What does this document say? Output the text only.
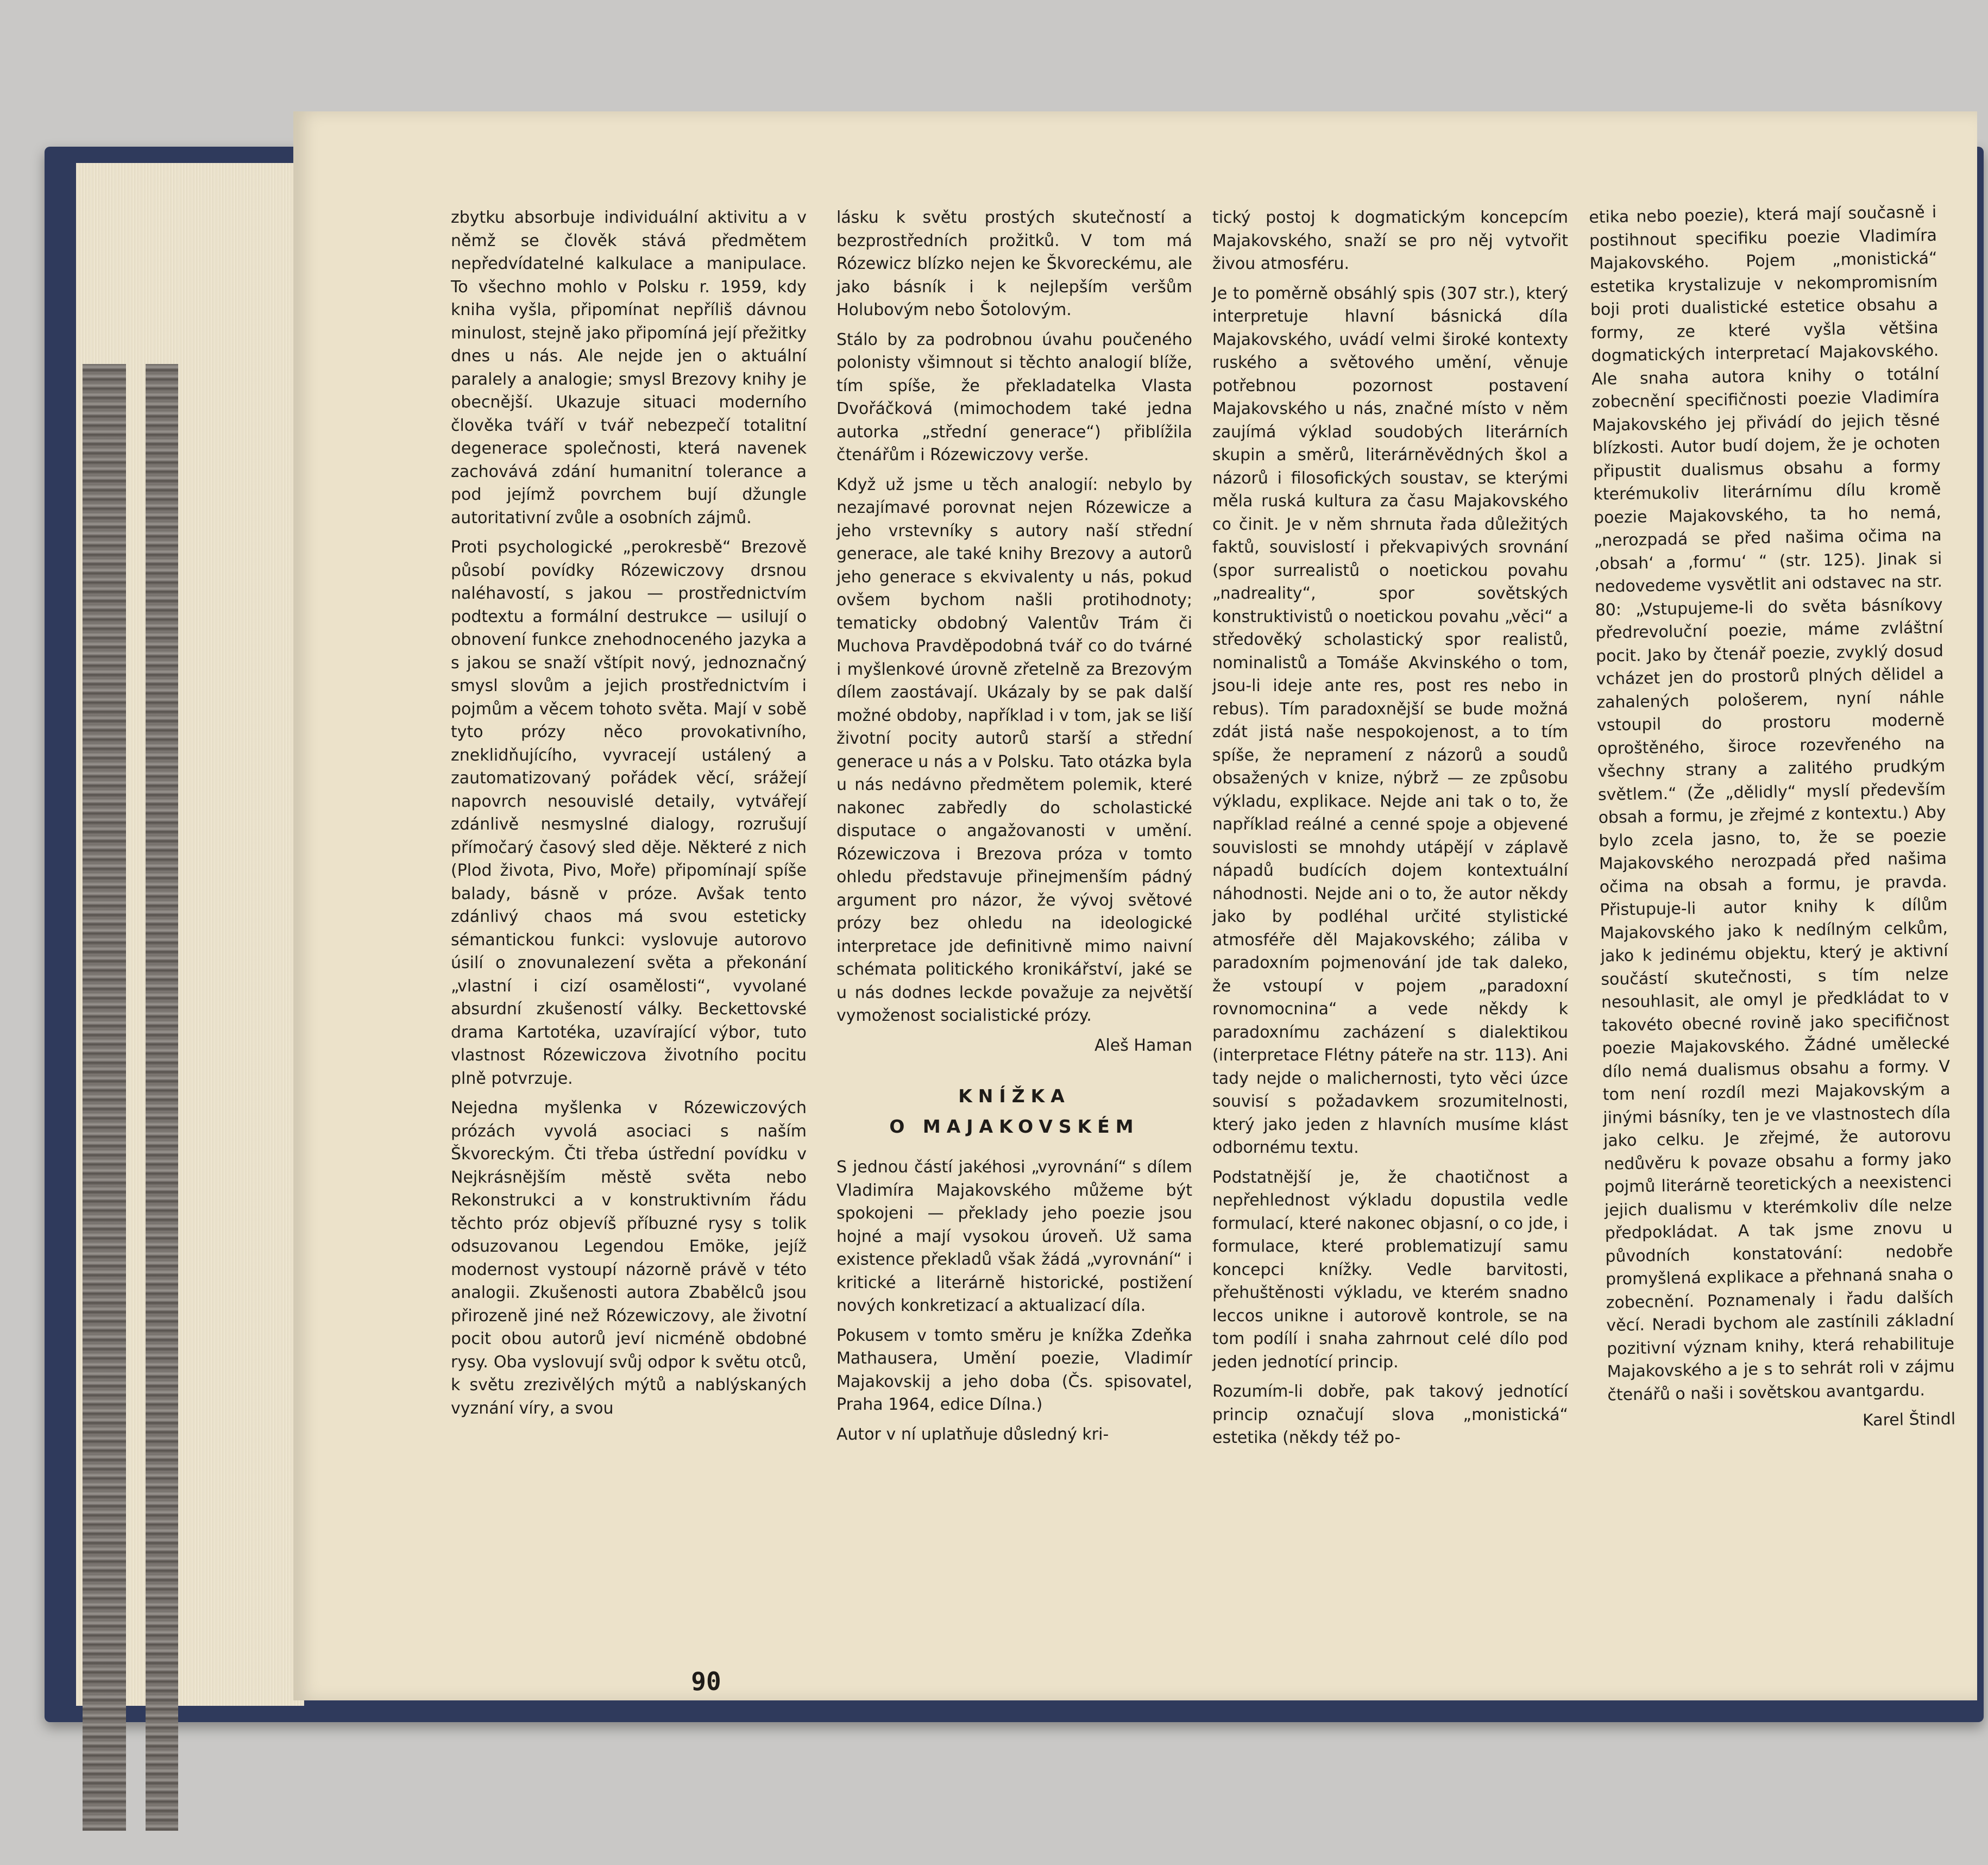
zbytku absorbuje individuální aktivitu a v němž se člověk stává předmětem nepředvídatelné kalkulace a manipulace. To všechno mohlo v Polsku r. 1959, kdy kniha vyšla, připomínat nepříliš dávnou minulost, stejně jako připomíná její přežitky dnes u nás. Ale nejde jen o aktuální paralely a analogie; smysl Brezovy knihy je obecnější. Ukazuje situaci moderního člověka tváří v tvář nebezpečí totalitní degenerace společnosti, která navenek zachovává zdání humanitní tolerance a pod jejímž povrchem bují džungle autoritativní zvůle a osobních zájmů.

Proti psychologické „perokresbě“ Brezově působí povídky Rózewiczovy drsnou naléhavostí, s jakou — prostřednictvím podtextu a formální destrukce — usilují o obnovení funkce znehodnoceného jazyka a s jakou se snaží vštípit nový, jednoznačný smysl slovům a jejich prostřednictvím i pojmům a věcem tohoto světa. Mají v sobě tyto prózy něco provokativního, zneklidňujícího, vyvracejí ustálený a zautomatizovaný pořádek věcí, srážejí napovrch nesouvislé detaily, vytvářejí zdánlivě nesmyslné dialogy, rozrušují přímočarý časový sled děje. Některé z nich (Plod života, Pivo, Moře) připomínají spíše balady, básně v próze. Avšak tento zdánlivý chaos má svou esteticky sémantickou funkci: vyslovuje autorovo úsilí o znovunalezení světa a překonání „vlastní i cizí osamělosti“, vyvolané absurdní zkušeností války. Beckettovské drama Kartotéka, uzavírající výbor, tuto vlastnost Rózewiczova životního pocitu plně potvrzuje.

Nejedna myšlenka v Rózewiczových prózách vyvolá asociaci s naším Škvoreckým. Čti třeba ústřední povídku v Nejkrásnějším městě světa nebo Rekonstrukci a v konstruktivním řádu těchto próz objevíš příbuzné rysy s tolik odsuzovanou Legendou Emöke, jejíž modernost vystoupí názorně právě v této analogii. Zkušenosti autora Zbabělců jsou přirozeně jiné než Rózewiczovy, ale životní pocit obou autorů jeví nicméně obdobné rysy. Oba vyslovují svůj odpor k světu otců, k světu zrezivělých mýtů a nablýskaných vyznání víry, a svou

lásku k světu prostých skutečností a bezprostředních prožitků. V tom má Rózewicz blízko nejen ke Škvoreckému, ale jako básník i k nejlepším veršům Holubovým nebo Šotolovým.

Stálo by za podrobnou úvahu poučeného polonisty všimnout si těchto analogií blíže, tím spíše, že překladatelka Vlasta Dvořáčková (mimochodem také jedna autorka „střední generace“) přiblížila čtenářům i Rózewiczovy verše.

Když už jsme u těch analogií: nebylo by nezajímavé porovnat nejen Rózewicze a jeho vrstevníky s autory naší střední generace, ale také knihy Brezovy a autorů jeho generace s ekvivalenty u nás, pokud ovšem bychom našli protihodnoty; tematicky obdobný Valentův Trám či Muchova Pravděpodobná tvář co do tvárné i myšlenkové úrovně zřetelně za Brezovým dílem zaostávají. Ukázaly by se pak další možné obdoby, například i v tom, jak se liší životní pocity autorů starší a střední generace u nás a v Polsku. Tato otázka byla u nás nedávno předmětem polemik, které nakonec zabředly do scholastické disputace o angažovanosti v umění. Rózewiczova i Brezova próza v tomto ohledu představuje přinejmenším pádný argument pro názor, že vývoj světové prózy bez ohledu na ideologické interpretace jde definitivně mimo naivní schémata politického kronikářství, jaké se u nás dodnes leckde považuje za největší vymoženost socialistické prózy.

Aleš Haman

KNÍŽKA
O MAJAKOVSKÉM

S jednou částí jakéhosi „vyrovnání“ s dílem Vladimíra Majakovského můžeme být spokojeni — překlady jeho poezie jsou hojné a mají vysokou úroveň. Už sama existence překladů však žádá „vyrovnání“ i kritické a literárně historické, postižení nových konkretizací a aktualizací díla.

Pokusem v tomto směru je knížka Zdeňka Mathausera, Umění poezie, Vladimír Majakovskij a jeho doba (Čs. spisovatel, Praha 1964, edice Dílna.)

Autor v ní uplatňuje důsledný kri-

tický postoj k dogmatickým koncepcím Majakovského, snaží se pro něj vytvořit živou atmosféru.

Je to poměrně obsáhlý spis (307 str.), který interpretuje hlavní básnická díla Majakovského, uvádí velmi široké kontexty ruského a světového umění, věnuje potřebnou pozornost postavení Majakovského u nás, značné místo v něm zaujímá výklad soudobých literárních skupin a směrů, literárněvědných škol a názorů i filosofických soustav, se kterými měla ruská kultura za času Majakovského co činit. Je v něm shrnuta řada důležitých faktů, souvislostí i překvapivých srovnání (spor surrealistů o noetickou povahu „nadreality“, spor sovětských konstruktivistů o noetickou povahu „věci“ a středověký scholastický spor realistů, nominalistů a Tomáše Akvinského o tom, jsou-li ideje ante res, post res nebo in rebus). Tím paradoxnější se bude možná zdát jistá naše nespokojenost, a to tím spíše, že nepramení z názorů a soudů obsažených v knize, nýbrž — ze způsobu výkladu, explikace. Nejde ani tak o to, že například reálné a cenné spoje a objevené souvislosti se mnohdy utápějí v záplavě nápadů budících dojem kontextuální náhodnosti. Nejde ani o to, že autor někdy jako by podléhal určité stylistické atmosféře děl Majakovského; záliba v paradoxním pojmenování jde tak daleko, že vstoupí v pojem „paradoxní rovnomocnina“ a vede někdy k paradoxnímu zacházení s dialektikou (interpretace Flétny páteře na str. 113). Ani tady nejde o malichernosti, tyto věci úzce souvisí s požadavkem srozumitelnosti, který jako jeden z hlavních musíme klást odbornému textu.

Podstatnější je, že chaotičnost a nepřehlednost výkladu dopustila vedle formulací, které nakonec objasní, o co jde, i formulace, které problematizují samu koncepci knížky. Vedle barvitosti, přehuštěnosti výkladu, ve kterém snadno leccos unikne i autorově kontrole, se na tom podílí i snaha zahrnout celé dílo pod jeden jednotící princip.

Rozumím-li dobře, pak takový jednotící princip označují slova „monistická“ estetika (někdy též po-

etika nebo poezie), která mají současně i postihnout specifiku poezie Vladimíra Majakovského. Pojem „monistická“ estetika krystalizuje v nekompromisním boji proti dualistické estetice obsahu a formy, ze které vyšla většina dogmatických interpretací Majakovského. Ale snaha autora knihy o totální zobecnění specifičnosti poezie Vladimíra Majakovského jej přivádí do jejich těsné blízkosti. Autor budí dojem, že je ochoten připustit dualismus obsahu a formy kterémukoliv literárnímu dílu kromě poezie Majakovského, ta ho nemá, „nerozpadá se před našima očima na ,obsah‘ a ,formu‘ “ (str. 125). Jinak si nedovedeme vysvětlit ani odstavec na str. 80: „Vstupujeme-li do světa básníkovy předrevoluční poezie, máme zvláštní pocit. Jako by čtenář poezie, zvyklý dosud vcházet jen do prostorů plných dělidel a zahalených pološerem, nyní náhle vstoupil do prostoru moderně oproštěného, široce rozevřeného na všechny strany a zalitého prudkým světlem.“ (Že „dělidly“ myslí především obsah a formu, je zřejmé z kontextu.) Aby bylo zcela jasno, to, že se poezie Majakovského nerozpadá před našima očima na obsah a formu, je pravda. Přistupuje-li autor knihy k dílům Majakovského jako k nedílným celkům, jako k jedinému objektu, který je aktivní součástí skutečnosti, s tím nelze nesouhlasit, ale omyl je předkládat to v takovéto obecné rovině jako specifičnost poezie Majakovského. Žádné umělecké dílo nemá dualismus obsahu a formy. V tom není rozdíl mezi Majakovským a jinými básníky, ten je ve vlastnostech díla jako celku. Je zřejmé, že autorovu nedůvěru k povaze obsahu a formy jako pojmů literárně teoretických a neexistenci jejich dualismu v kterémkoliv díle nelze předpokládat. A tak jsme znovu u původních konstatování: nedobře promyšlená explikace a přehnaná snaha o zobecnění. Poznamenaly i řadu dalších věcí. Neradi bychom ale zastínili základní pozitivní význam knihy, která rehabilituje Majakovského a je s to sehrát roli v zájmu čtenářů o naši i sovětskou avantgardu.

Karel Štindl

90
